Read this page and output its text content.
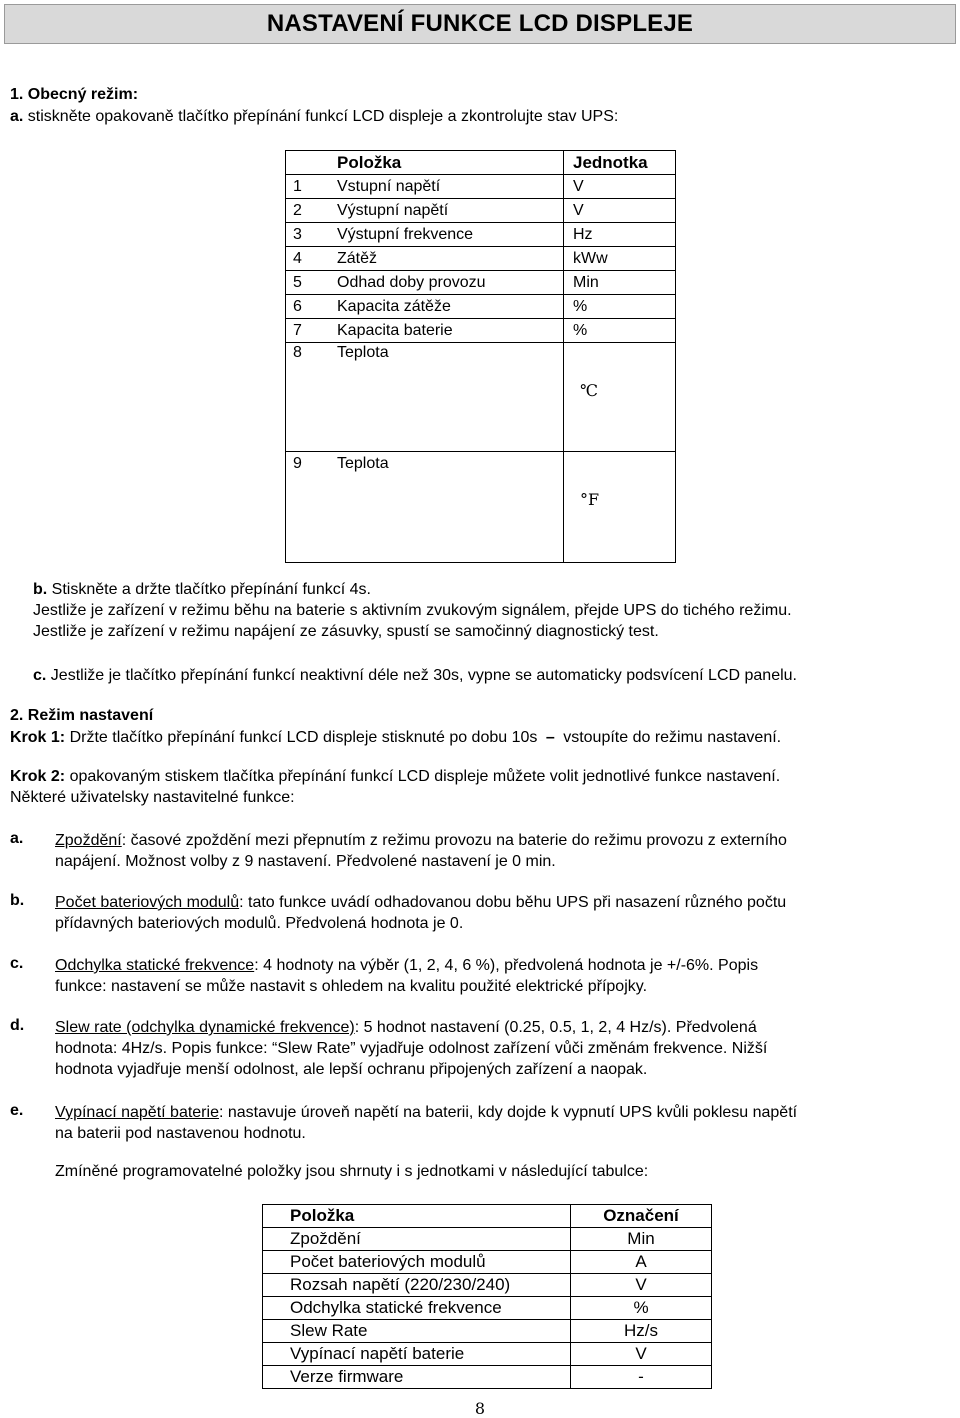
NASTAVENÍ FUNKCE LCD DISPLEJE
1. Obecný režim:
a. stiskněte opakovaně tlačítko přepínání funkcí LCD displeje a zkontrolujte stav UPS:
	Položka	Jednotka
1	Vstupní napětí	V
2	Výstupní napětí	V
3	Výstupní frekvence	Hz
4	Zátěž	kWw
5	Odhad doby provozu	Min
6	Kapacita zátěže	%
7	Kapacita baterie	%
8	Teplota	℃
9	Teplota	°F
b. Stiskněte a držte tlačítko přepínání funkcí 4s.
Jestliže je zařízení v režimu běhu na baterie s aktivním zvukovým signálem, přejde UPS do tichého režimu.
Jestliže je zařízení v režimu napájení ze zásuvky, spustí se samočinný diagnostický test.
c. Jestliže je tlačítko přepínání funkcí neaktivní déle než 30s, vypne se automaticky podsvícení LCD panelu.
2. Režim nastavení
Krok 1: Držte tlačítko přepínání funkcí LCD displeje stisknuté po dobu 10s – vstoupíte do režimu nastavení.
Krok 2: opakovaným stiskem tlačítka přepínání funkcí LCD displeje můžete volit jednotlivé funkce nastavení.
Některé uživatelsky nastavitelné funkce:
a. Zpoždění: časové zpoždění mezi přepnutím z režimu provozu na baterie do režimu provozu z externího
napájení. Možnost volby z 9 nastavení. Předvolené nastavení je 0 min.
b. Počet bateriových modulů: tato funkce uvádí odhadovanou dobu běhu UPS při nasazení různého počtu
přídavných bateriových modulů. Předvolená hodnota je 0.
c. Odchylka statické frekvence: 4 hodnoty na výběr (1, 2, 4, 6 %), předvolená hodnota je +/-6%. Popis
funkce: nastavení se může nastavit s ohledem na kvalitu použité elektrické přípojky.
d. Slew rate (odchylka dynamické frekvence): 5 hodnot nastavení (0.25, 0.5, 1, 2, 4 Hz/s). Předvolená
hodnota: 4Hz/s. Popis funkce: “Slew Rate” vyjadřuje odolnost zařízení vůči změnám frekvence. Nižší
hodnota vyjadřuje menší odolnost, ale lepší ochranu připojených zařízení a naopak.
e. Vypínací napětí baterie: nastavuje úroveň napětí na baterii, kdy dojde k vypnutí UPS kvůli poklesu napětí
na baterii pod nastavenou hodnotu.
Zmíněné programovatelné položky jsou shrnuty i s jednotkami v následující tabulce:
Položka	Označení
Zpoždění	Min
Počet bateriových modulů	A
Rozsah napětí (220/230/240)	V
Odchylka statické frekvence	%
Slew Rate	Hz/s
Vypínací napětí baterie	V
Verze firmware	-
8
